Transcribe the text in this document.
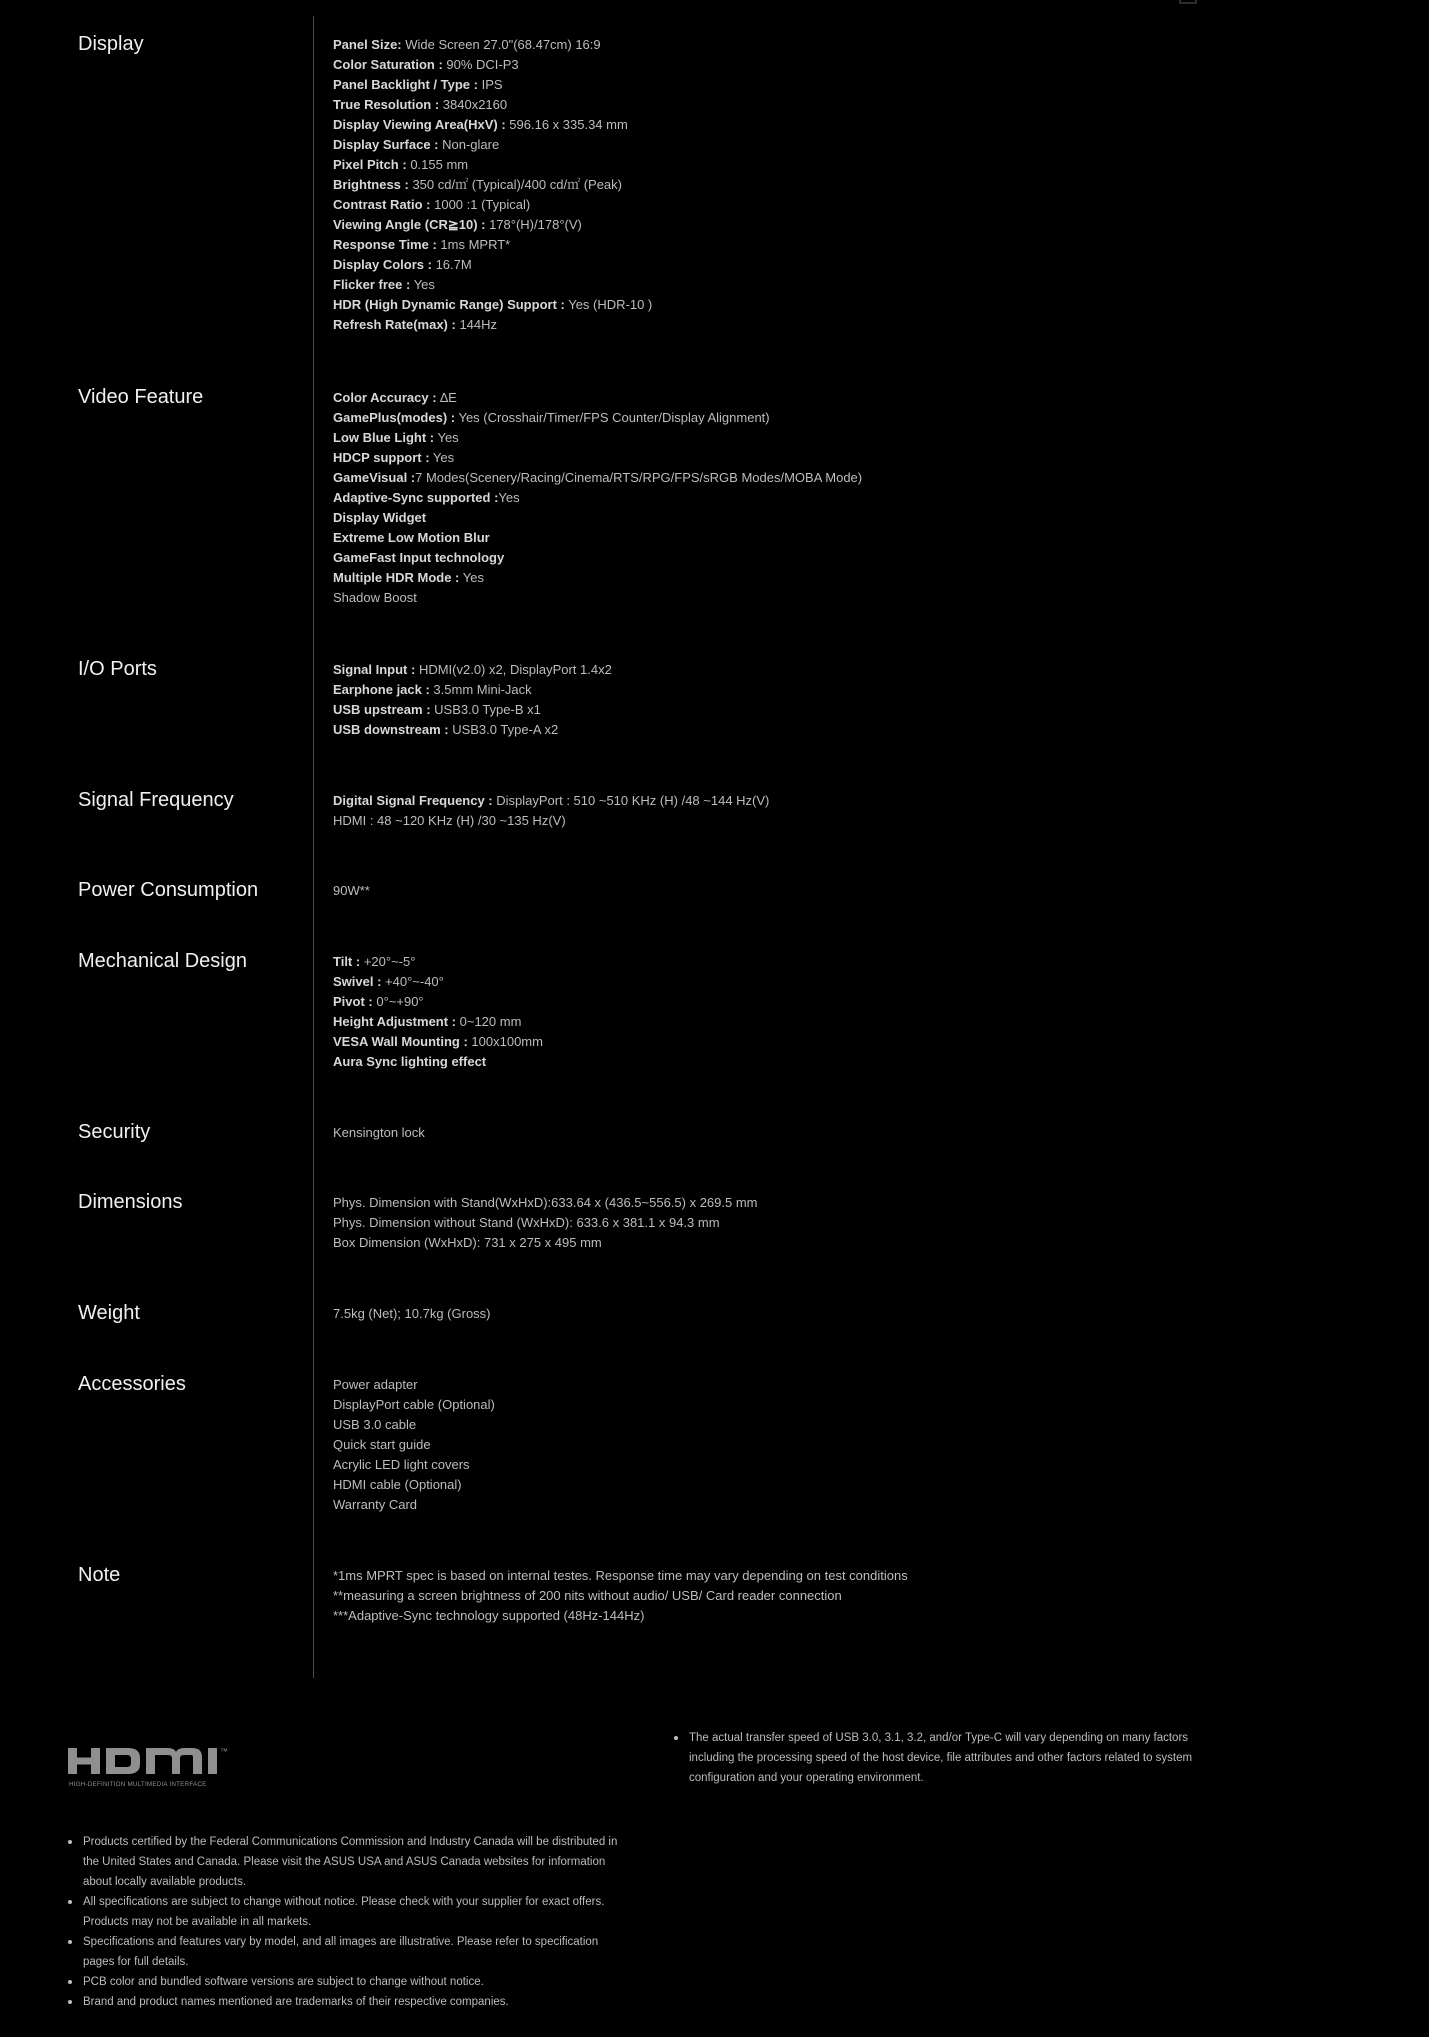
Display	Panel Size: Wide Screen 27.0"(68.47cm) 16:9
Color Saturation : 90% DCI-P3
Panel Backlight / Type : IPS
True Resolution : 3840x2160
Display Viewing Area(HxV) : 596.16 x 335.34 mm
Display Surface : Non-glare
Pixel Pitch : 0.155 mm
Brightness : 350 cd/㎡ (Typical)/400 cd/㎡ (Peak)
Contrast Ratio : 1000 :1 (Typical)
Viewing Angle (CR≧10) : 178°(H)/178°(V)
Response Time : 1ms MPRT*
Display Colors : 16.7M
Flicker free : Yes
HDR (High Dynamic Range) Support : Yes (HDR-10 )
Refresh Rate(max) : 144Hz
Video Feature	Color Accuracy : ∆E
GamePlus(modes) : Yes (Crosshair/Timer/FPS Counter/Display Alignment)
Low Blue Light : Yes
HDCP support : Yes
GameVisual :7 Modes(Scenery/Racing/Cinema/RTS/RPG/FPS/sRGB Modes/MOBA Mode)
Adaptive-Sync supported :Yes
Display Widget
Extreme Low Motion Blur
GameFast Input technology
Multiple HDR Mode : Yes
Shadow Boost
I/O Ports	Signal Input : HDMI(v2.0) x2, DisplayPort 1.4x2
Earphone jack : 3.5mm Mini-Jack
USB upstream : USB3.0 Type-B x1
USB downstream : USB3.0 Type-A x2
Signal Frequency	Digital Signal Frequency : DisplayPort : 510 ~510 KHz (H) /48 ~144 Hz(V)
HDMI : 48 ~120 KHz (H) /30 ~135 Hz(V)
Power Consumption	90W**
Mechanical Design	Tilt : +20°~-5°
Swivel : +40°~-40°
Pivot : 0°~+90°
Height Adjustment : 0~120 mm
VESA Wall Mounting : 100x100mm
Aura Sync lighting effect
Security	Kensington lock
Dimensions	Phys. Dimension with Stand(WxHxD):633.64 x (436.5~556.5) x 269.5 mm
Phys. Dimension without Stand (WxHxD): 633.6 x 381.1 x 94.3 mm
Box Dimension (WxHxD): 731 x 275 x 495 mm
Weight	7.5kg (Net); 10.7kg (Gross)
Accessories	Power adapter
DisplayPort cable (Optional)
USB 3.0 cable
Quick start guide
Acrylic LED light covers
HDMI cable (Optional)
Warranty Card
Note	*1ms MPRT spec is based on internal testes. Response time may vary depending on test conditions
**measuring a screen brightness of 200 nits without audio/ USB/ Card reader connection
***Adaptive-Sync technology supported (48Hz-144Hz)
™
HIGH-DEFINITION MULTIMEDIA INTERFACE
The actual transfer speed of USB 3.0, 3.1, 3.2, and/or Type-C will vary depending on many factors including the processing speed of the host device, file attributes and other factors related to system configuration and your operating environment.
Products certified by the Federal Communications Commission and Industry Canada will be distributed in the United States and Canada. Please visit the ASUS USA and ASUS Canada websites for information about locally available products.
All specifications are subject to change without notice. Please check with your supplier for exact offers. Products may not be available in all markets.
Specifications and features vary by model, and all images are illustrative. Please refer to specification pages for full details.
PCB color and bundled software versions are subject to change without notice.
Brand and product names mentioned are trademarks of their respective companies.
